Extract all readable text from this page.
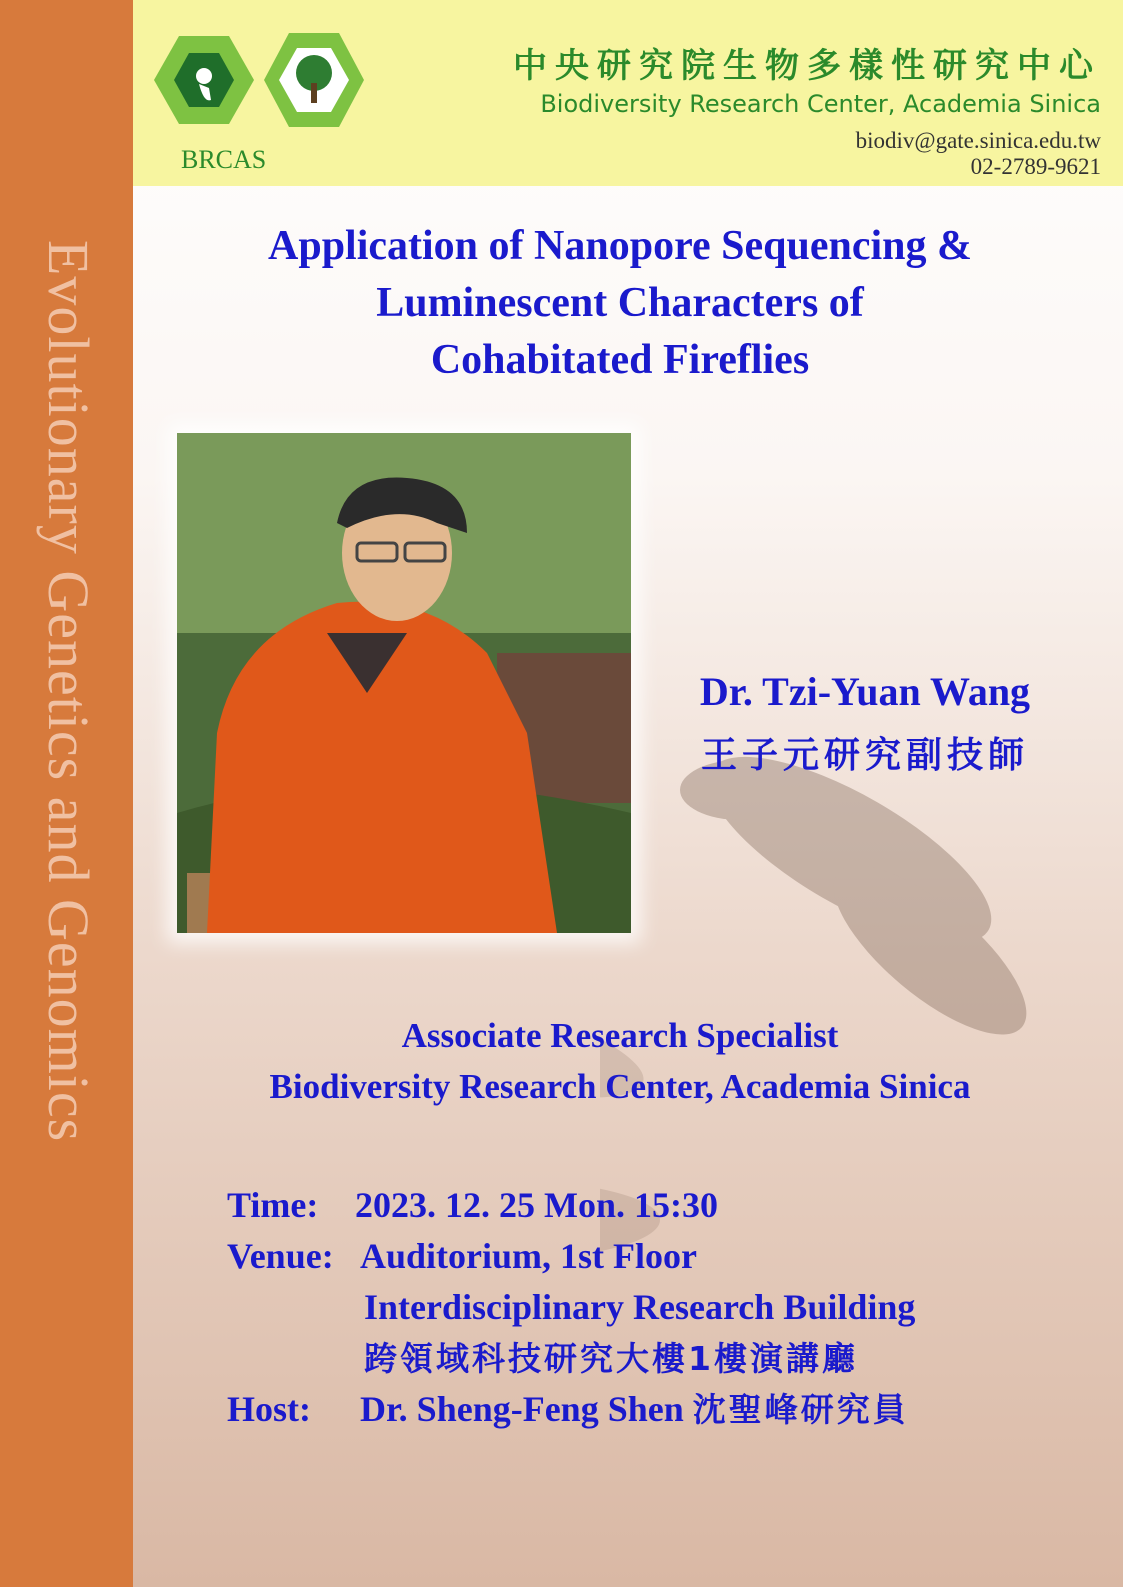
Evolutionary Genetics and Genomics
BRCAS
中央研究院生物多樣性研究中心
Biodiversity Research Center, Academia Sinica
biodiv@gate.sinica.edu.tw
02-2789-9621
Application of Nanopore Sequencing &
Luminescent Characters of
Cohabitated Fireflies
Dr. Tzi-Yuan Wang
王子元研究副技師
Associate Research Specialist
Biodiversity Research Center, Academia Sinica
Time:	2023. 12. 25 Mon. 15:30
Venue: Auditorium, 1st Floor
Interdisciplinary Research Building
跨領域科技研究大樓1樓演講廳
Host:	Dr. Sheng-Feng Shen
沈聖峰研究員
